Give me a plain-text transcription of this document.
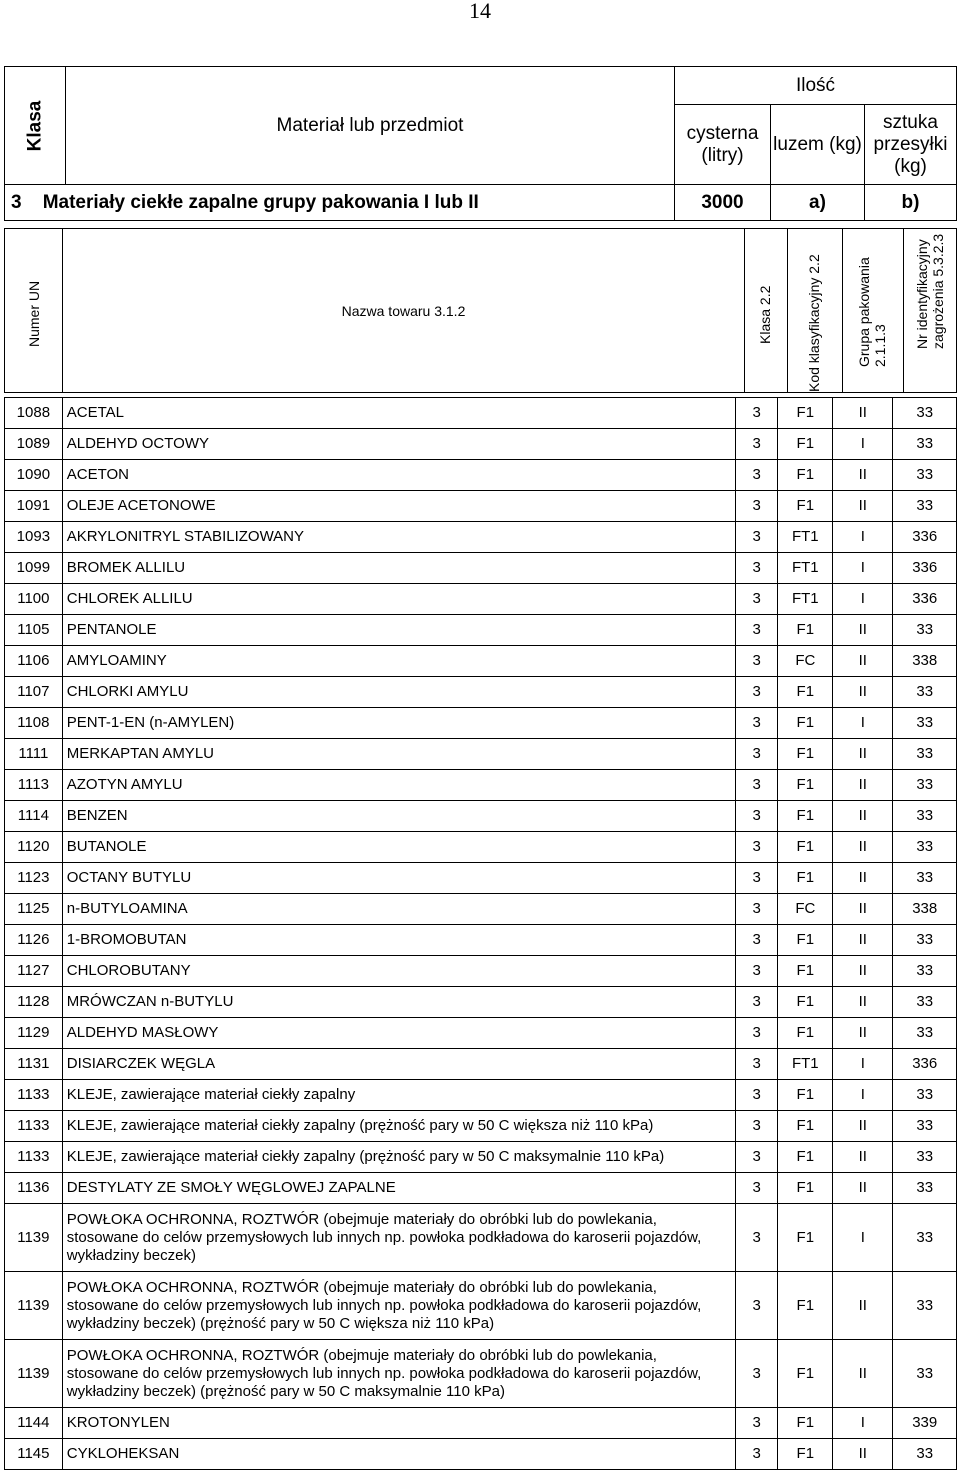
14
Klasa	Materiał lub przedmiot	Ilość		
		cysterna (litry)	luzem (kg)	sztuka przesyłki (kg)
3 Materiały ciekłe zapalne grupy pakowania I lub II		3000	a)	b)
Numer UN	Nazwa towaru 3.1.2	Klasa 2.2	Kod klasyfikacyjny 2.2	Grupa pakowania 2.1.1.3	Nr identyfikacyjny zagrożenia 5.3.2.3
1088	ACETAL	3	F1	II	33
1089	ALDEHYD OCTOWY	3	F1	I	33
1090	ACETON	3	F1	II	33
1091	OLEJE ACETONOWE	3	F1	II	33
1093	AKRYLONITRYL STABILIZOWANY	3	FT1	I	336
1099	BROMEK ALLILU	3	FT1	I	336
1100	CHLOREK ALLILU	3	FT1	I	336
1105	PENTANOLE	3	F1	II	33
1106	AMYLOAMINY	3	FC	II	338
1107	CHLORKI AMYLU	3	F1	II	33
1108	PENT-1-EN (n-AMYLEN)	3	F1	I	33
1111	MERKAPTAN AMYLU	3	F1	II	33
1113	AZOTYN AMYLU	3	F1	II	33
1114	BENZEN	3	F1	II	33
1120	BUTANOLE	3	F1	II	33
1123	OCTANY BUTYLU	3	F1	II	33
1125	n-BUTYLOAMINA	3	FC	II	338
1126	1-BROMOBUTAN	3	F1	II	33
1127	CHLOROBUTANY	3	F1	II	33
1128	MRÓWCZAN n-BUTYLU	3	F1	II	33
1129	ALDEHYD MASŁOWY	3	F1	II	33
1131	DISIARCZEK WĘGLA	3	FT1	I	336
1133	KLEJE, zawierające materiał ciekły zapalny	3	F1	I	33
1133	KLEJE, zawierające materiał ciekły zapalny (prężność pary w 50 C większa niż 110 kPa)	3	F1	II	33
1133	KLEJE, zawierające materiał ciekły zapalny (prężność pary w 50 C maksymalnie 110 kPa)	3	F1	II	33
1136	DESTYLATY ZE SMOŁY WĘGLOWEJ ZAPALNE	3	F1	II	33
1139	POWŁOKA OCHRONNA, ROZTWÓR (obejmuje materiały do obróbki lub do powlekania, stosowane do celów przemysłowych lub innych np. powłoka podkładowa do karoserii pojazdów, wykładziny beczek)	3	F1	I	33
1139	POWŁOKA OCHRONNA, ROZTWÓR (obejmuje materiały do obróbki lub do powlekania, stosowane do celów przemysłowych lub innych np. powłoka podkładowa do karoserii pojazdów, wykładziny beczek) (prężność pary w 50 C większa niż 110 kPa)	3	F1	II	33
1139	POWŁOKA OCHRONNA, ROZTWÓR (obejmuje materiały do obróbki lub do powlekania, stosowane do celów przemysłowych lub innych np. powłoka podkładowa do karoserii pojazdów, wykładziny beczek) (prężność pary w 50 C maksymalnie 110 kPa)	3	F1	II	33
1144	KROTONYLEN	3	F1	I	339
1145	CYKLOHEKSAN	3	F1	II	33
